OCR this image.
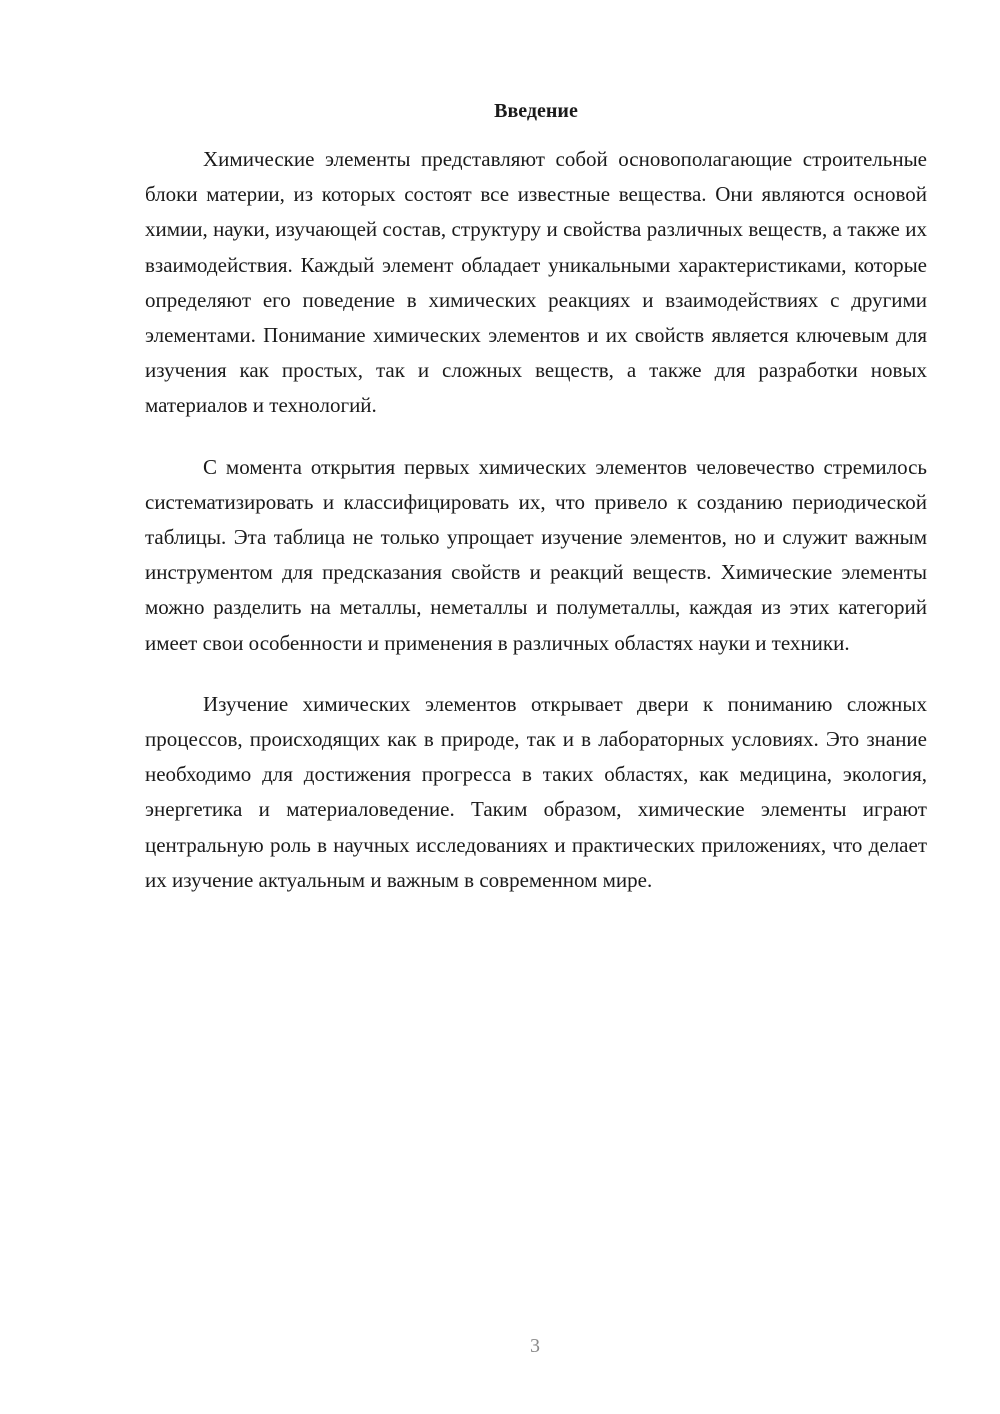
Введение

Химические элементы представляют собой основополагающие строительные блоки материи, из которых состоят все известные вещества. Они являются основой химии, науки, изучающей состав, структуру и свойства различных веществ, а также их взаимодействия. Каждый элемент обладает уникальными характеристиками, которые определяют его поведение в химических реакциях и взаимодействиях с другими элементами. Понимание химических элементов и их свойств является ключевым для изучения как простых, так и сложных веществ, а также для разработки новых материалов и технологий.

С момента открытия первых химических элементов человечество стремилось систематизировать и классифицировать их, что привело к созданию периодической таблицы. Эта таблица не только упрощает изучение элементов, но и служит важным инструментом для предсказания свойств и реакций веществ. Химические элементы можно разделить на металлы, неметаллы и полуметаллы, каждая из этих категорий имеет свои особенности и применения в различных областях науки и техники.

Изучение химических элементов открывает двери к пониманию сложных процессов, происходящих как в природе, так и в лабораторных условиях. Это знание необходимо для достижения прогресса в таких областях, как медицина, экология, энергетика и материаловедение. Таким образом, химические элементы играют центральную роль в научных исследованиях и практических приложениях, что делает их изучение актуальным и важным в современном мире.

3
